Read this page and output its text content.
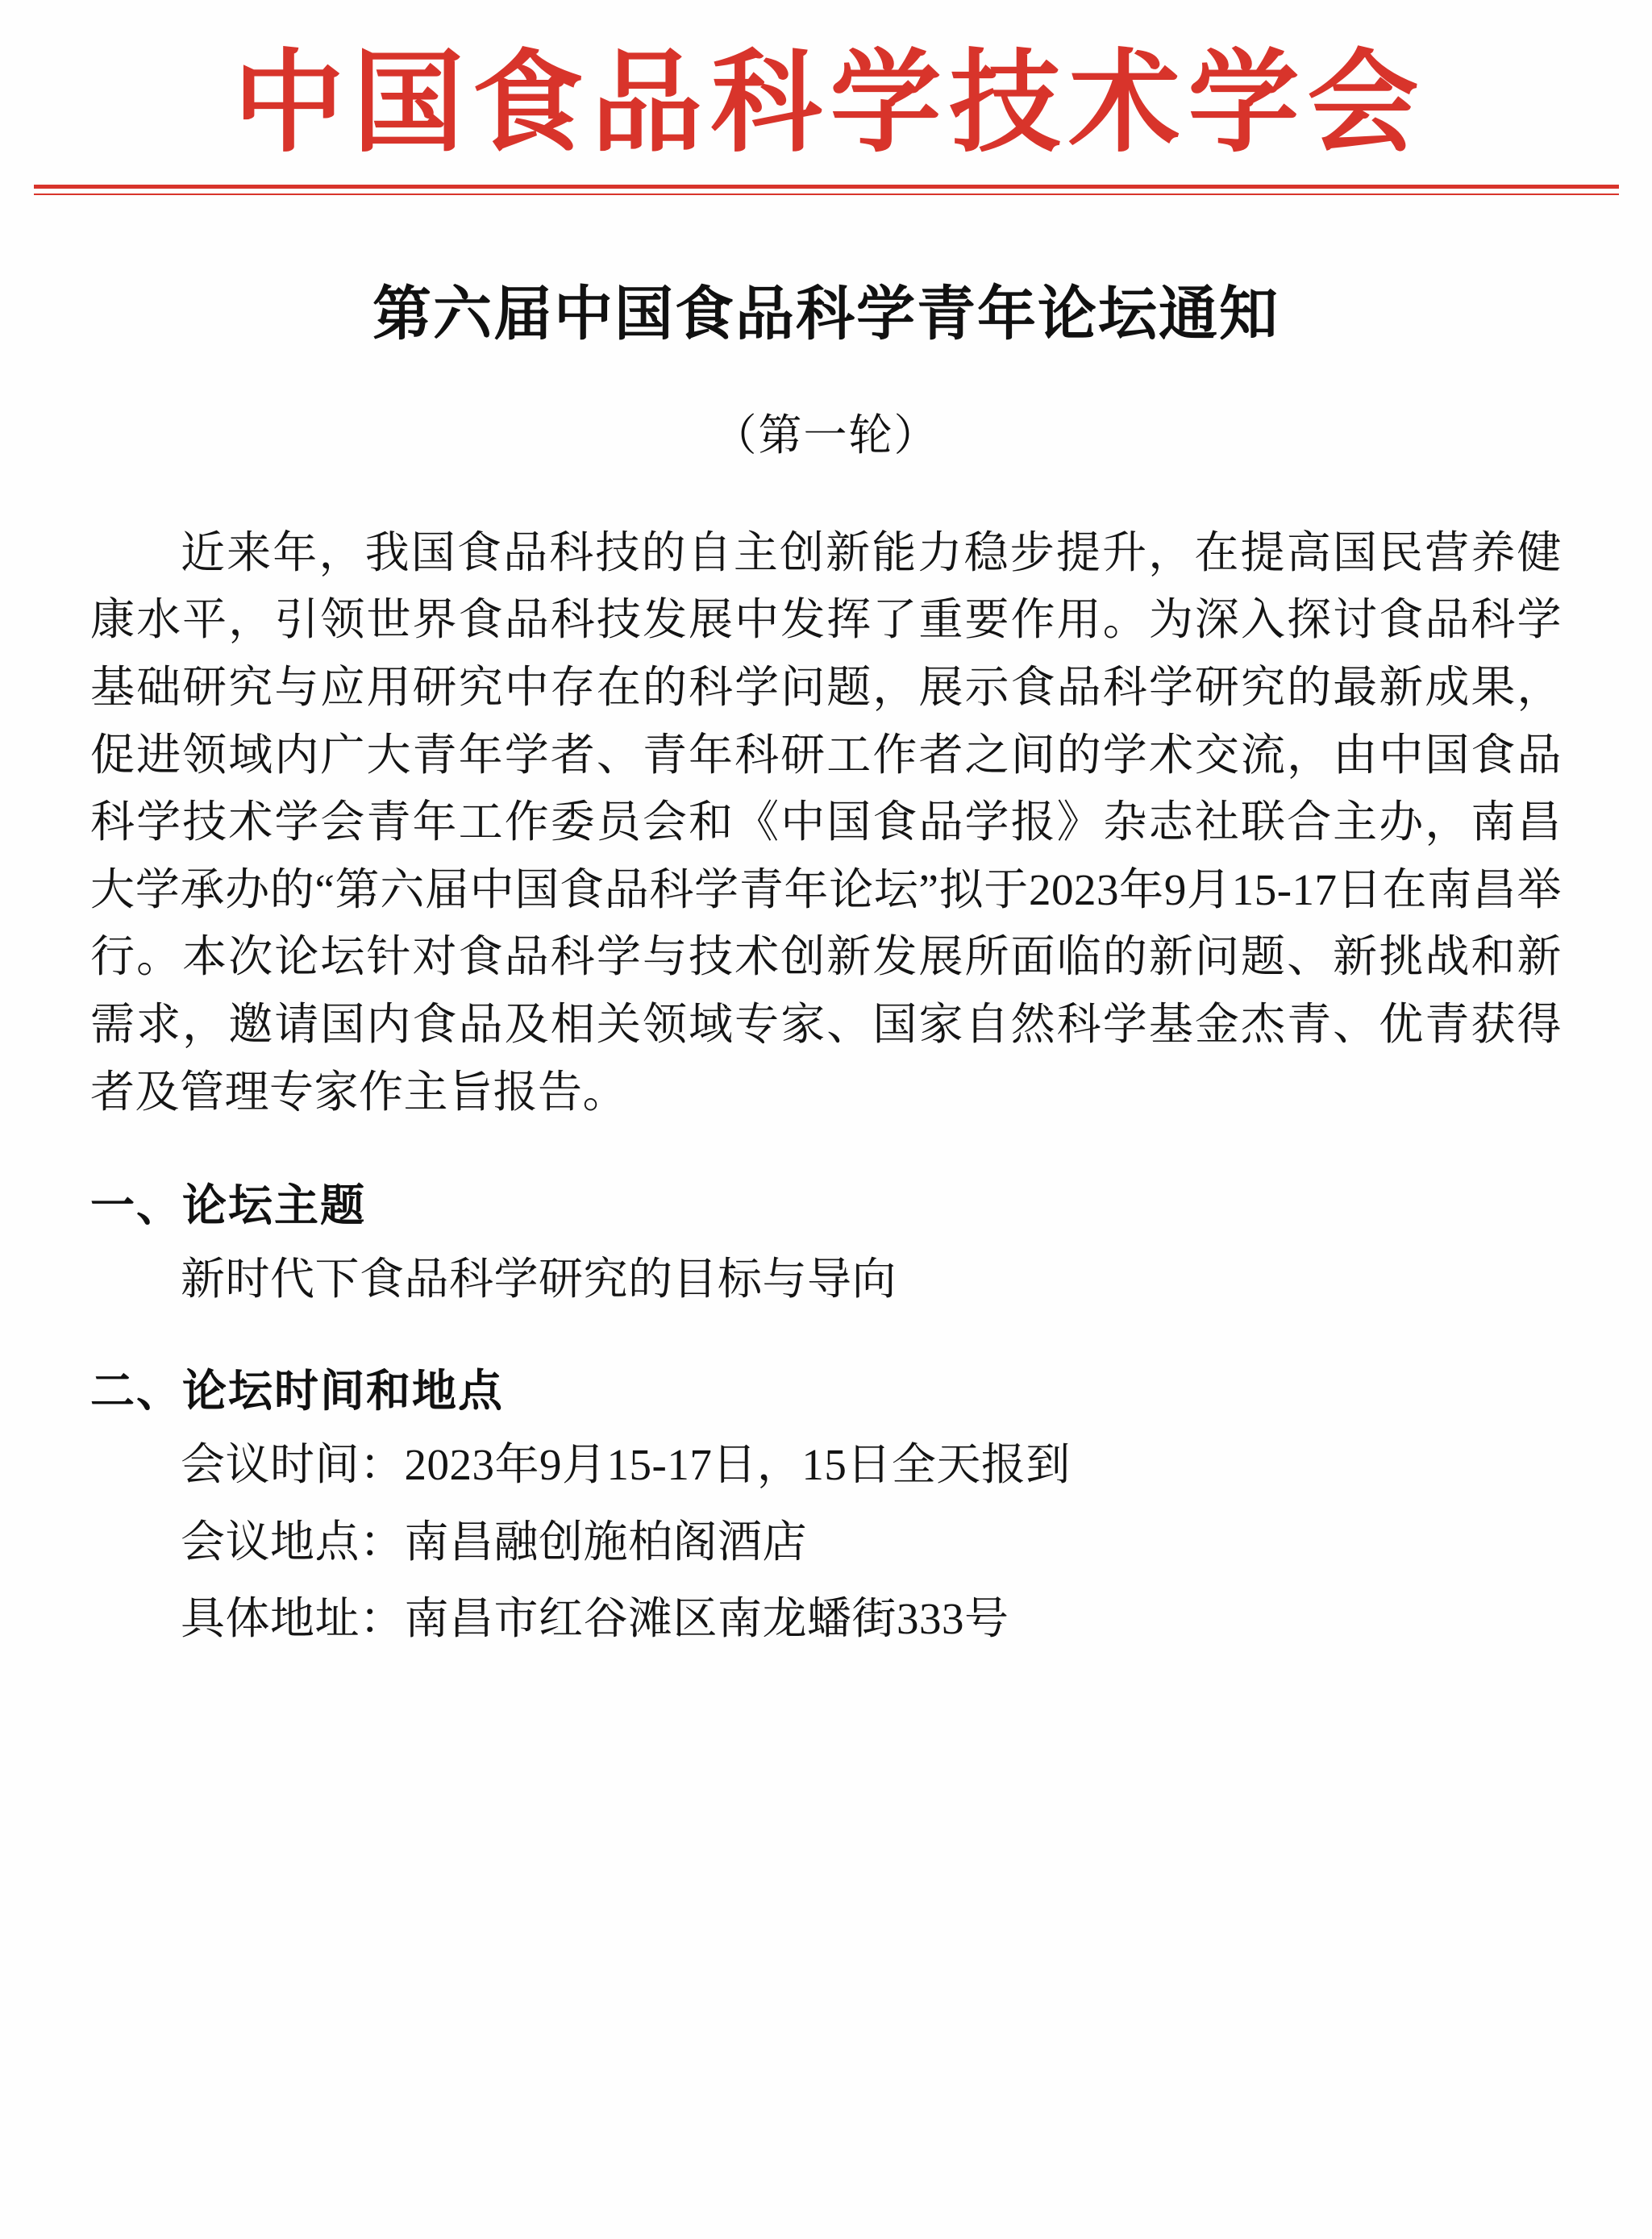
中国食品科学技术学会
第六届中国食品科学青年论坛通知
（第一轮）

近来年，我国食品科技的自主创新能力稳步提升，在提高国民营养健康水平，引领世界食品科技发展中发挥了重要作用。为深入探讨食品科学基础研究与应用研究中存在的科学问题，展示食品科学研究的最新成果，促进领域内广大青年学者、青年科研工作者之间的学术交流，由中国食品科学技术学会青年工作委员会和《中国食品学报》杂志社联合主办，南昌大学承办的“第六届中国食品科学青年论坛”拟于2023年9月15-17日在南昌举行。本次论坛针对食品科学与技术创新发展所面临的新问题、新挑战和新需求，邀请国内食品及相关领域专家、国家自然科学基金杰青、优青获得者及管理专家作主旨报告。

一、论坛主题
新时代下食品科学研究的目标与导向
二、论坛时间和地点
会议时间：2023年9月15-17日，15日全天报到
会议地点：南昌融创施柏阁酒店
具体地址：南昌市红谷滩区南龙蟠街333号
